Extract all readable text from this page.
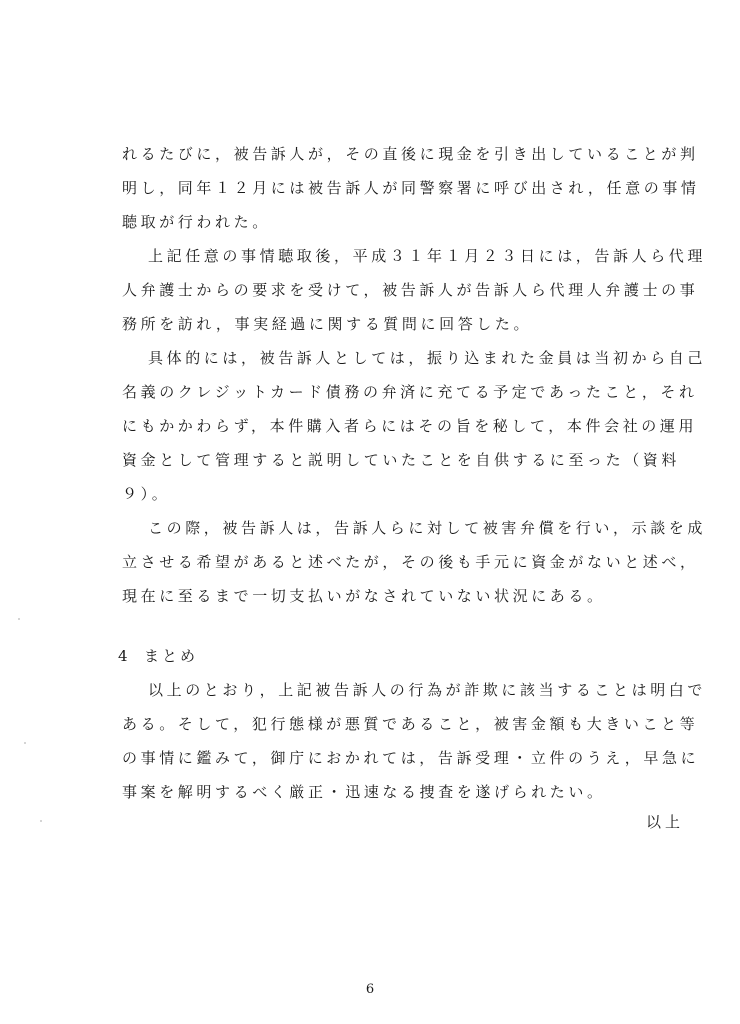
れるたびに，被告訴人が，その直後に現金を引き出していることが判
明し，同年１２月には被告訴人が同警察署に呼び出され，任意の事情
聴取が行われた。
上記任意の事情聴取後，平成３１年１月２３日には，告訴人ら代理
人弁護士からの要求を受けて，被告訴人が告訴人ら代理人弁護士の事
務所を訪れ，事実経過に関する質問に回答した。
具体的には，被告訴人としては，振り込まれた金員は当初から自己
名義のクレジットカード債務の弁済に充てる予定であったこと，それ
にもかかわらず，本件購入者らにはその旨を秘して，本件会社の運用
資金として管理すると説明していたことを自供するに至った（資料
９）。
この際，被告訴人は，告訴人らに対して被害弁償を行い，示談を成
立させる希望があると述べたが，その後も手元に資金がないと述べ，
現在に至るまで一切支払いがなされていない状況にある。
4 まとめ
以上のとおり，上記被告訴人の行為が詐欺に該当することは明白で
ある。そして，犯行態様が悪質であること，被害金額も大きいこと等
の事情に鑑みて，御庁におかれては，告訴受理・立件のうえ，早急に
事案を解明するべく厳正・迅速なる捜査を遂げられたい。
以上
6
